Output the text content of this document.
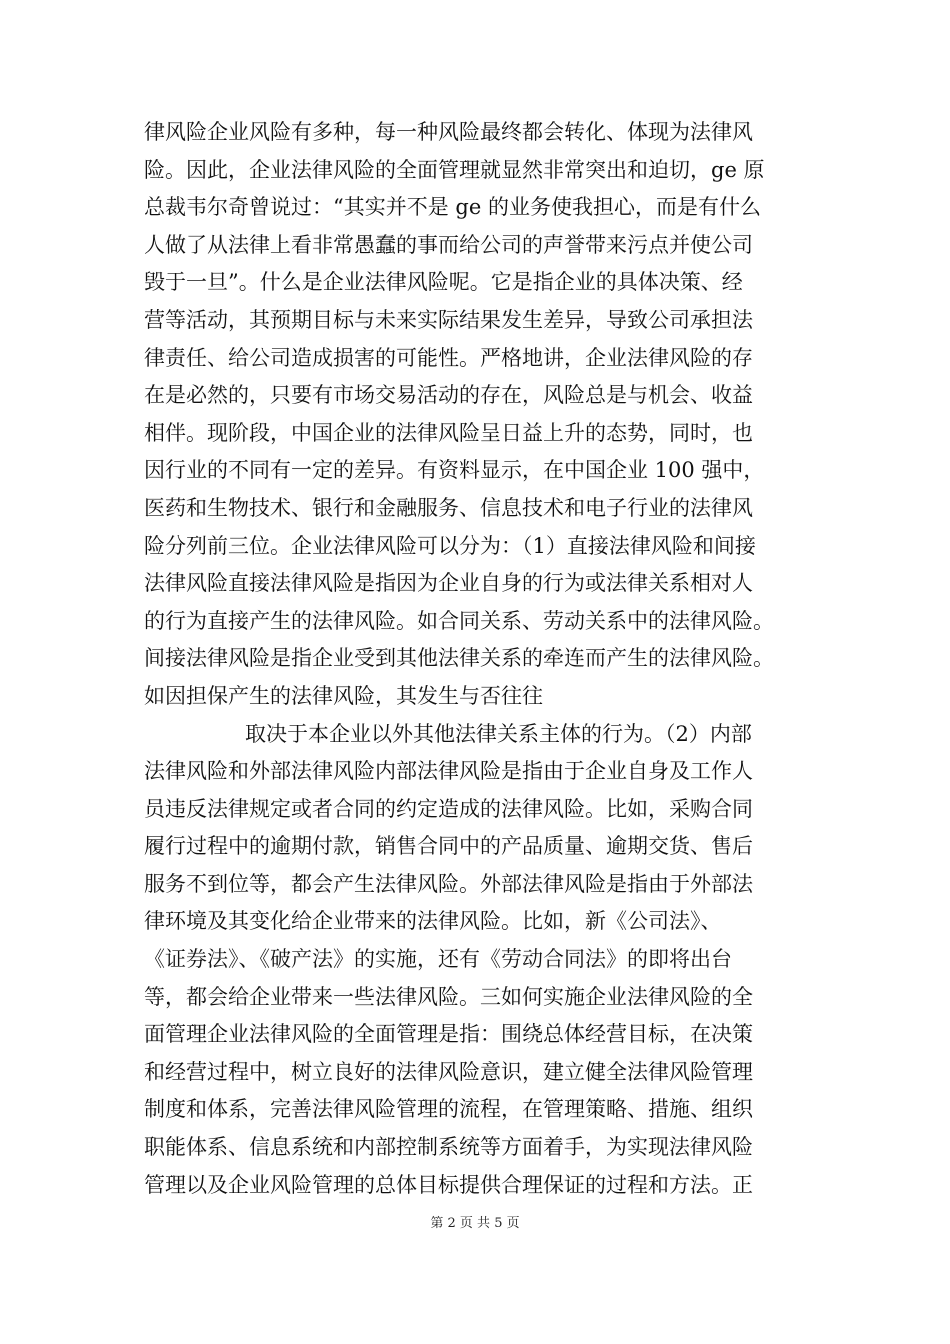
律风险企业风险有多种，每一种风险最终都会转化、体现为法律风
险。因此，企业法律风险的全面管理就显然非常突出和迫切，ge 原
总裁韦尔奇曾说过：“其实并不是 ge 的业务使我担心，而是有什么
人做了从法律上看非常愚蠢的事而给公司的声誉带来污点并使公司
毁于一旦”。什么是企业法律风险呢。它是指企业的具体决策、经
营等活动，其预期目标与未来实际结果发生差异，导致公司承担法
律责任、给公司造成损害的可能性。严格地讲，企业法律风险的存
在是必然的，只要有市场交易活动的存在，风险总是与机会、收益
相伴。现阶段，中国企业的法律风险呈日益上升的态势，同时，也
因行业的不同有一定的差异。有资料显示，在中国企业 100 强中，
医药和生物技术、银行和金融服务、信息技术和电子行业的法律风
险分列前三位。企业法律风险可以分为：（1）直接法律风险和间接
法律风险直接法律风险是指因为企业自身的行为或法律关系相对人
的行为直接产生的法律风险。如合同关系、劳动关系中的法律风险。
间接法律风险是指企业受到其他法律关系的牵连而产生的法律风险。
如因担保产生的法律风险，其发生与否往往
取决于本企业以外其他法律关系主体的行为。（2）内部
法律风险和外部法律风险内部法律风险是指由于企业自身及工作人
员违反法律规定或者合同的约定造成的法律风险。比如，采购合同
履行过程中的逾期付款，销售合同中的产品质量、逾期交货、售后
服务不到位等，都会产生法律风险。外部法律风险是指由于外部法
律环境及其变化给企业带来的法律风险。比如，新《公司法》、
《证券法》、《破产法》的实施，还有《劳动合同法》的即将出台
等，都会给企业带来一些法律风险。三如何实施企业法律风险的全
面管理企业法律风险的全面管理是指：围绕总体经营目标，在决策
和经营过程中，树立良好的法律风险意识，建立健全法律风险管理
制度和体系，完善法律风险管理的流程，在管理策略、措施、组织
职能体系、信息系统和内部控制系统等方面着手，为实现法律风险
管理以及企业风险管理的总体目标提供合理保证的过程和方法。正
第 2 页 共 5 页
